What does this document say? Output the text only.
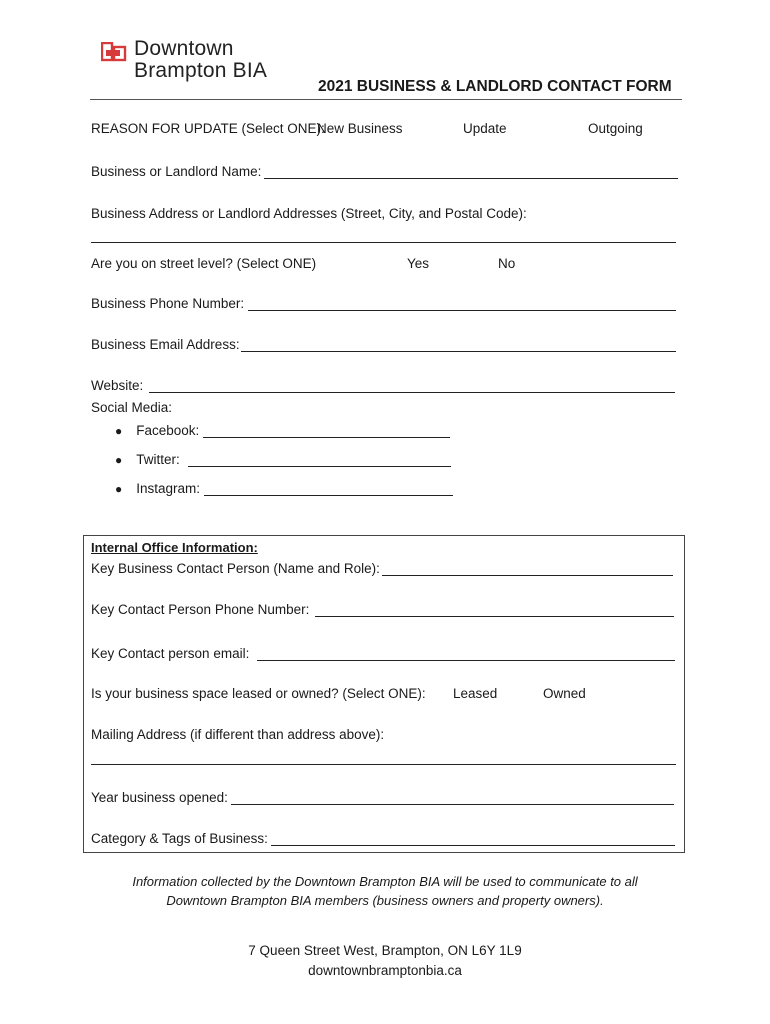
Downtown
Brampton BIA
2021 BUSINESS & LANDLORD CONTACT FORM
REASON FOR UPDATE (Select ONE):
New Business	Update	Outgoing
Business or Landlord Name:
Business Address or Landlord Addresses (Street, City, and Postal Code):
Are you on street level? (Select ONE)	Yes	No
Business Phone Number:
Business Email Address:
Website:
Social Media:
● Facebook:
● Twitter:
● Instagram:
Internal Office Information:
Key Business Contact Person (Name and Role):
Key Contact Person Phone Number:
Key Contact person email:
Is your business space leased or owned? (Select ONE): Leased	Owned
Mailing Address (if different than address above):
Year business opened:
Category & Tags of Business:
Information collected by the Downtown Brampton BIA will be used to communicate to all
Downtown Brampton BIA members (business owners and property owners).
7 Queen Street West, Brampton, ON L6Y 1L9
downtownbramptonbia.ca
